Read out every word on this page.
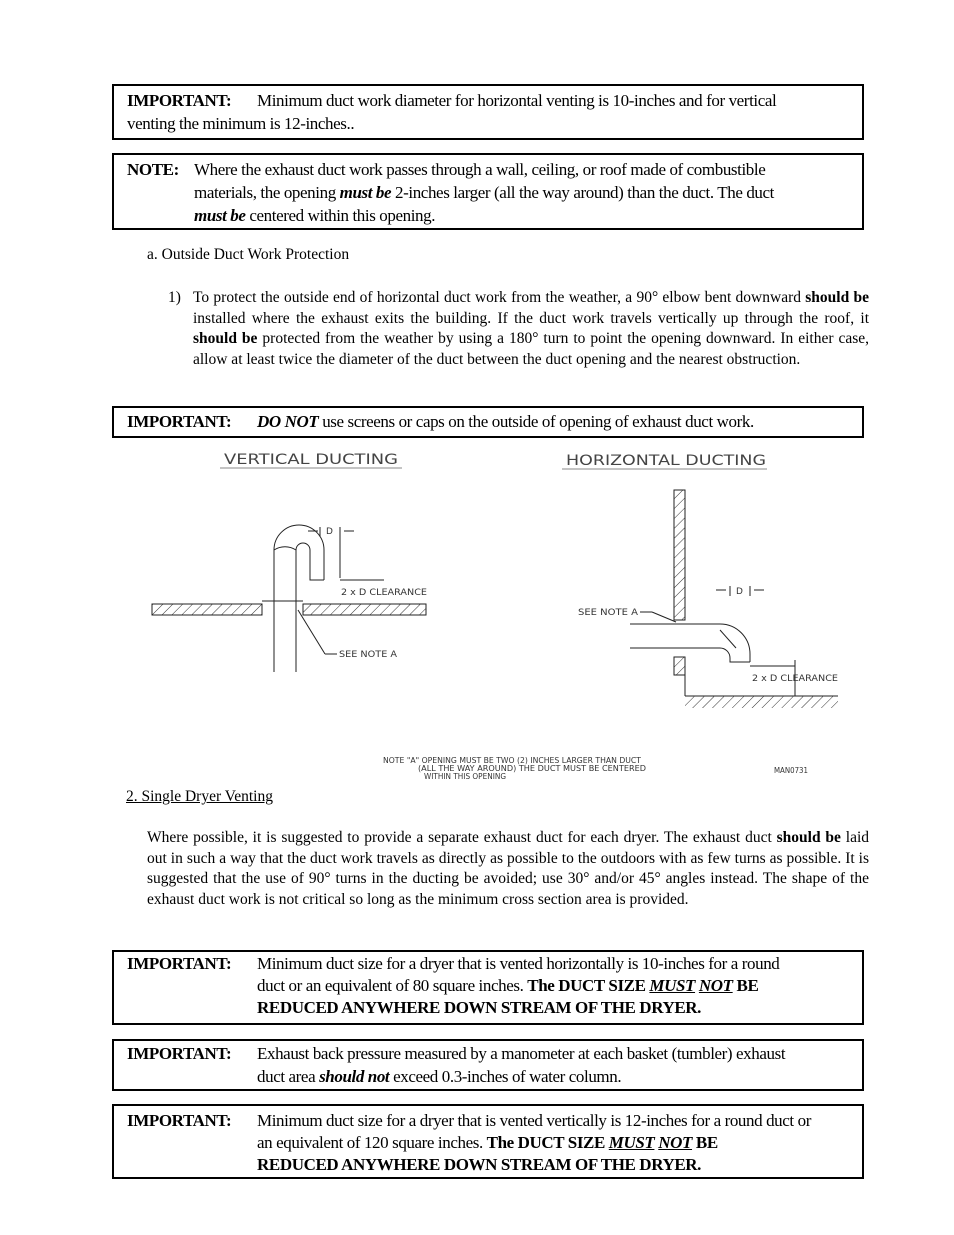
IMPORTANT: Minimum duct work diameter for horizontal venting is 10-inches and for vertical
venting the minimum is 12-inches..
NOTE: Where the exhaust duct work passes through a wall, ceiling, or roof made of combustible
materials, the opening must be 2-inches larger (all the way around) than the duct. The duct
must be centered within this opening.
a. Outside Duct Work Protection
1) To protect the outside end of horizontal duct work from the weather, a 90° elbow bent downward should be installed where the exhaust exits the building. If the duct work travels vertically up through the roof, it should be protected from the weather by using a 180° turn to point the opening downward. In either case, allow at least twice the diameter of the duct between the duct opening and the nearest obstruction.
IMPORTANT: DO NOT use screens or caps on the outside of opening of exhaust duct work.
VERTICAL DUCTING	HORIZONTAL DUCTING
D
2 x D CLEARANCE
SEE NOTE A
D
2 x D CLEARANCE
SEE NOTE A
NOTE "A" OPENING MUST BE TWO (2) INCHES LARGER THAN DUCT
(ALL THE WAY AROUND) THE DUCT MUST BE CENTERED
WITHIN THIS OPENING
MAN0731
2. Single Dryer Venting
Where possible, it is suggested to provide a separate exhaust duct for each dryer. The exhaust duct should be laid out in such a way that the duct work travels as directly as possible to the outdoors with as few turns as possible. It is suggested that the use of 90° turns in the ducting be avoided; use 30° and/or 45° angles instead. The shape of the exhaust duct work is not critical so long as the minimum cross section area is provided.
IMPORTANT: Minimum duct size for a dryer that is vented horizontally is 10-inches for a round
duct or an equivalent of 80 square inches. The DUCT SIZE MUST NOT BE
REDUCED ANYWHERE DOWN STREAM OF THE DRYER.
IMPORTANT: Exhaust back pressure measured by a manometer at each basket (tumbler) exhaust
duct area should not exceed 0.3-inches of water column.
IMPORTANT: Minimum duct size for a dryer that is vented vertically is 12-inches for a round duct or
an equivalent of 120 square inches. The DUCT SIZE MUST NOT BE
REDUCED ANYWHERE DOWN STREAM OF THE DRYER.
